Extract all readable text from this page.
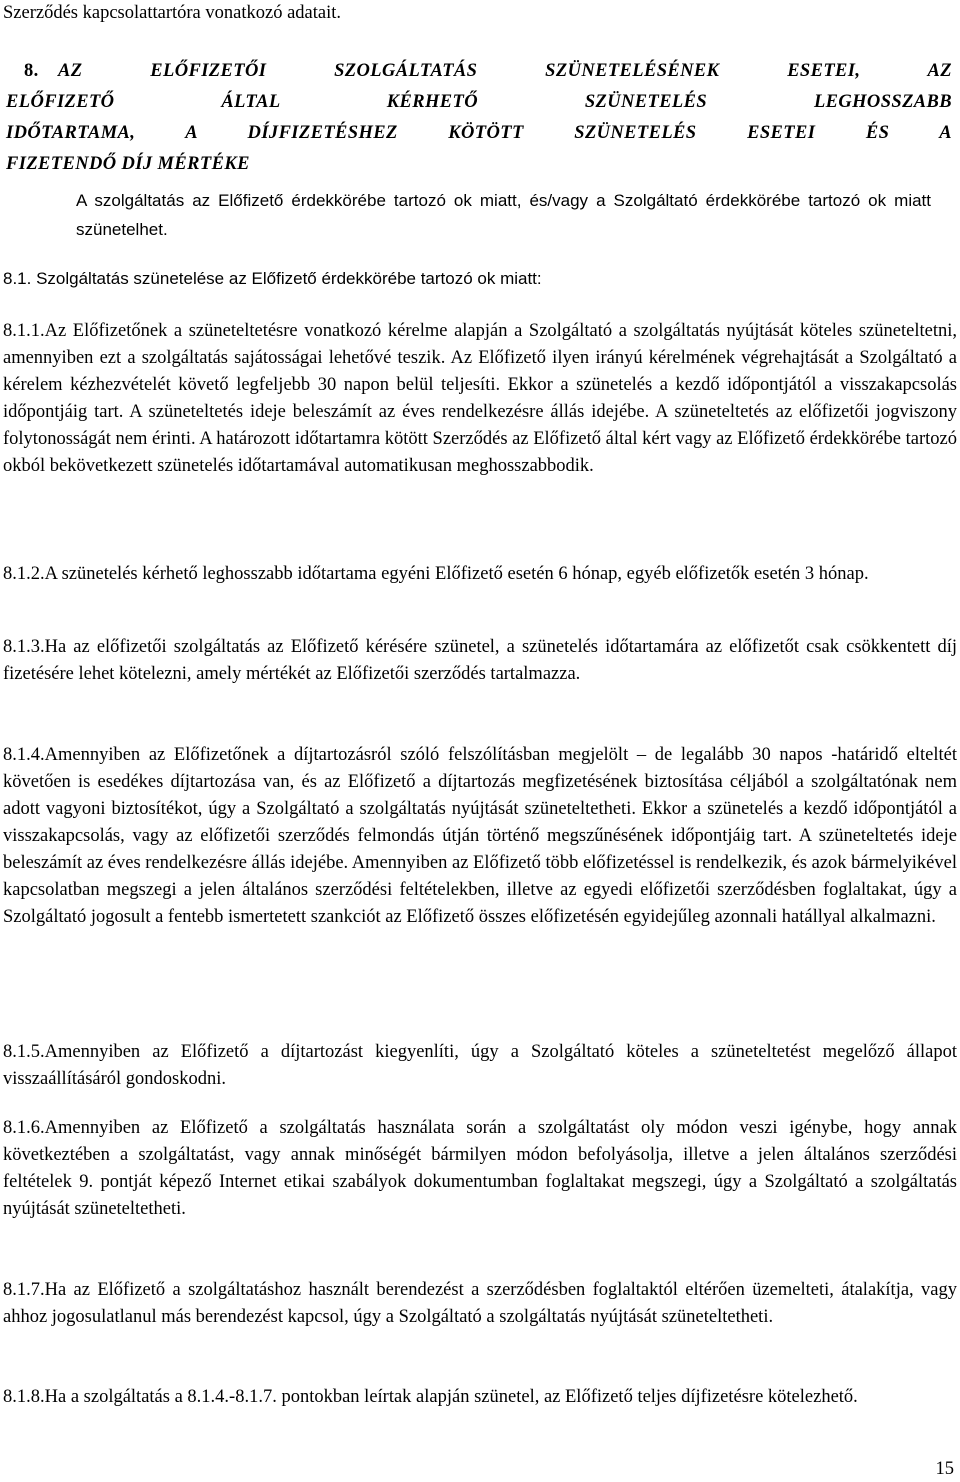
Szerződés kapcsolattartóra vonatkozó adatait.

8. AZ ELŐFIZETŐI SZOLGÁLTATÁS SZÜNETELÉSÉNEK ESETEI, AZ
ELŐFIZETŐ ÁLTAL KÉRHETŐ SZÜNETELÉS LEGHOSSZABB
IDŐTARTAMA, A DÍJFIZETÉSHEZ KÖTÖTT SZÜNETELÉS ESETEI ÉS A
FIZETENDŐ DÍJ MÉRTÉKE

A szolgáltatás az Előfizető érdekkörébe tartozó ok miatt, és/vagy a Szolgáltató érdekkörébe tartozó ok miatt szünetelhet.

8.1. Szolgáltatás szünetelése az Előfizető érdekkörébe tartozó ok miatt:

8.1.1.Az Előfizetőnek a szüneteltetésre vonatkozó kérelme alapján a Szolgáltató a szolgáltatás nyújtását köteles szüneteltetni, amennyiben ezt a szolgáltatás sajátosságai lehetővé teszik. Az Előfizető ilyen irányú kérelmének végrehajtását a Szolgáltató a kérelem kézhezvételét követő legfeljebb 30 napon belül teljesíti. Ekkor a szünetelés a kezdő időpontjától a visszakapcsolás időpontjáig tart. A szüneteltetés ideje beleszámít az éves rendelkezésre állás idejébe. A szüneteltetés az előfizetői jogviszony folytonosságát nem érinti. A határozott időtartamra kötött Szerződés az Előfizető által kért vagy az Előfizető érdekkörébe tartozó okból bekövetkezett szünetelés időtartamával automatikusan meghosszabbodik.

8.1.2.A szünetelés kérhető leghosszabb időtartama egyéni Előfizető esetén 6 hónap, egyéb előfizetők esetén 3 hónap.

8.1.3.Ha az előfizetői szolgáltatás az Előfizető kérésére szünetel, a szünetelés időtartamára az előfizetőt csak csökkentett díj fizetésére lehet kötelezni, amely mértékét az Előfizetői szerződés tartalmazza.

8.1.4.Amennyiben az Előfizetőnek a díjtartozásról szóló felszólításban megjelölt – de legalább 30 napos -határidő elteltét követően is esedékes díjtartozása van, és az Előfizető a díjtartozás megfizetésének biztosítása céljából a szolgáltatónak nem adott vagyoni biztosítékot, úgy a Szolgáltató a szolgáltatás nyújtását szüneteltetheti. Ekkor a szünetelés a kezdő időpontjától a visszakapcsolás, vagy az előfizetői szerződés felmondás útján történő megszűnésének időpontjáig tart. A szüneteltetés ideje beleszámít az éves rendelkezésre állás idejébe. Amennyiben az Előfizető több előfizetéssel is rendelkezik, és azok bármelyikével kapcsolatban megszegi a jelen általános szerződési feltételekben, illetve az egyedi előfizetői szerződésben foglaltakat, úgy a Szolgáltató jogosult a fentebb ismertetett szankciót az Előfizető összes előfizetésén egyidejűleg azonnali hatállyal alkalmazni.

8.1.5.Amennyiben az Előfizető a díjtartozást kiegyenlíti, úgy a Szolgáltató köteles a szüneteltetést megelőző állapot visszaállításáról gondoskodni.

8.1.6.Amennyiben az Előfizető a szolgáltatás használata során a szolgáltatást oly módon veszi igénybe, hogy annak következtében a szolgáltatást, vagy annak minőségét bármilyen módon befolyásolja, illetve a jelen általános szerződési feltételek 9. pontját képező Internet etikai szabályok dokumentumban foglaltakat megszegi, úgy a Szolgáltató a szolgáltatás nyújtását szüneteltetheti.

8.1.7.Ha az Előfizető a szolgáltatáshoz használt berendezést a szerződésben foglaltaktól eltérően üzemelteti, átalakítja, vagy ahhoz jogosulatlanul más berendezést kapcsol, úgy a Szolgáltató a szolgáltatás nyújtását szüneteltetheti.

8.1.8.Ha a szolgáltatás a 8.1.4.-8.1.7. pontokban leírtak alapján szünetel, az Előfizető teljes díjfizetésre kötelezhető.

15
